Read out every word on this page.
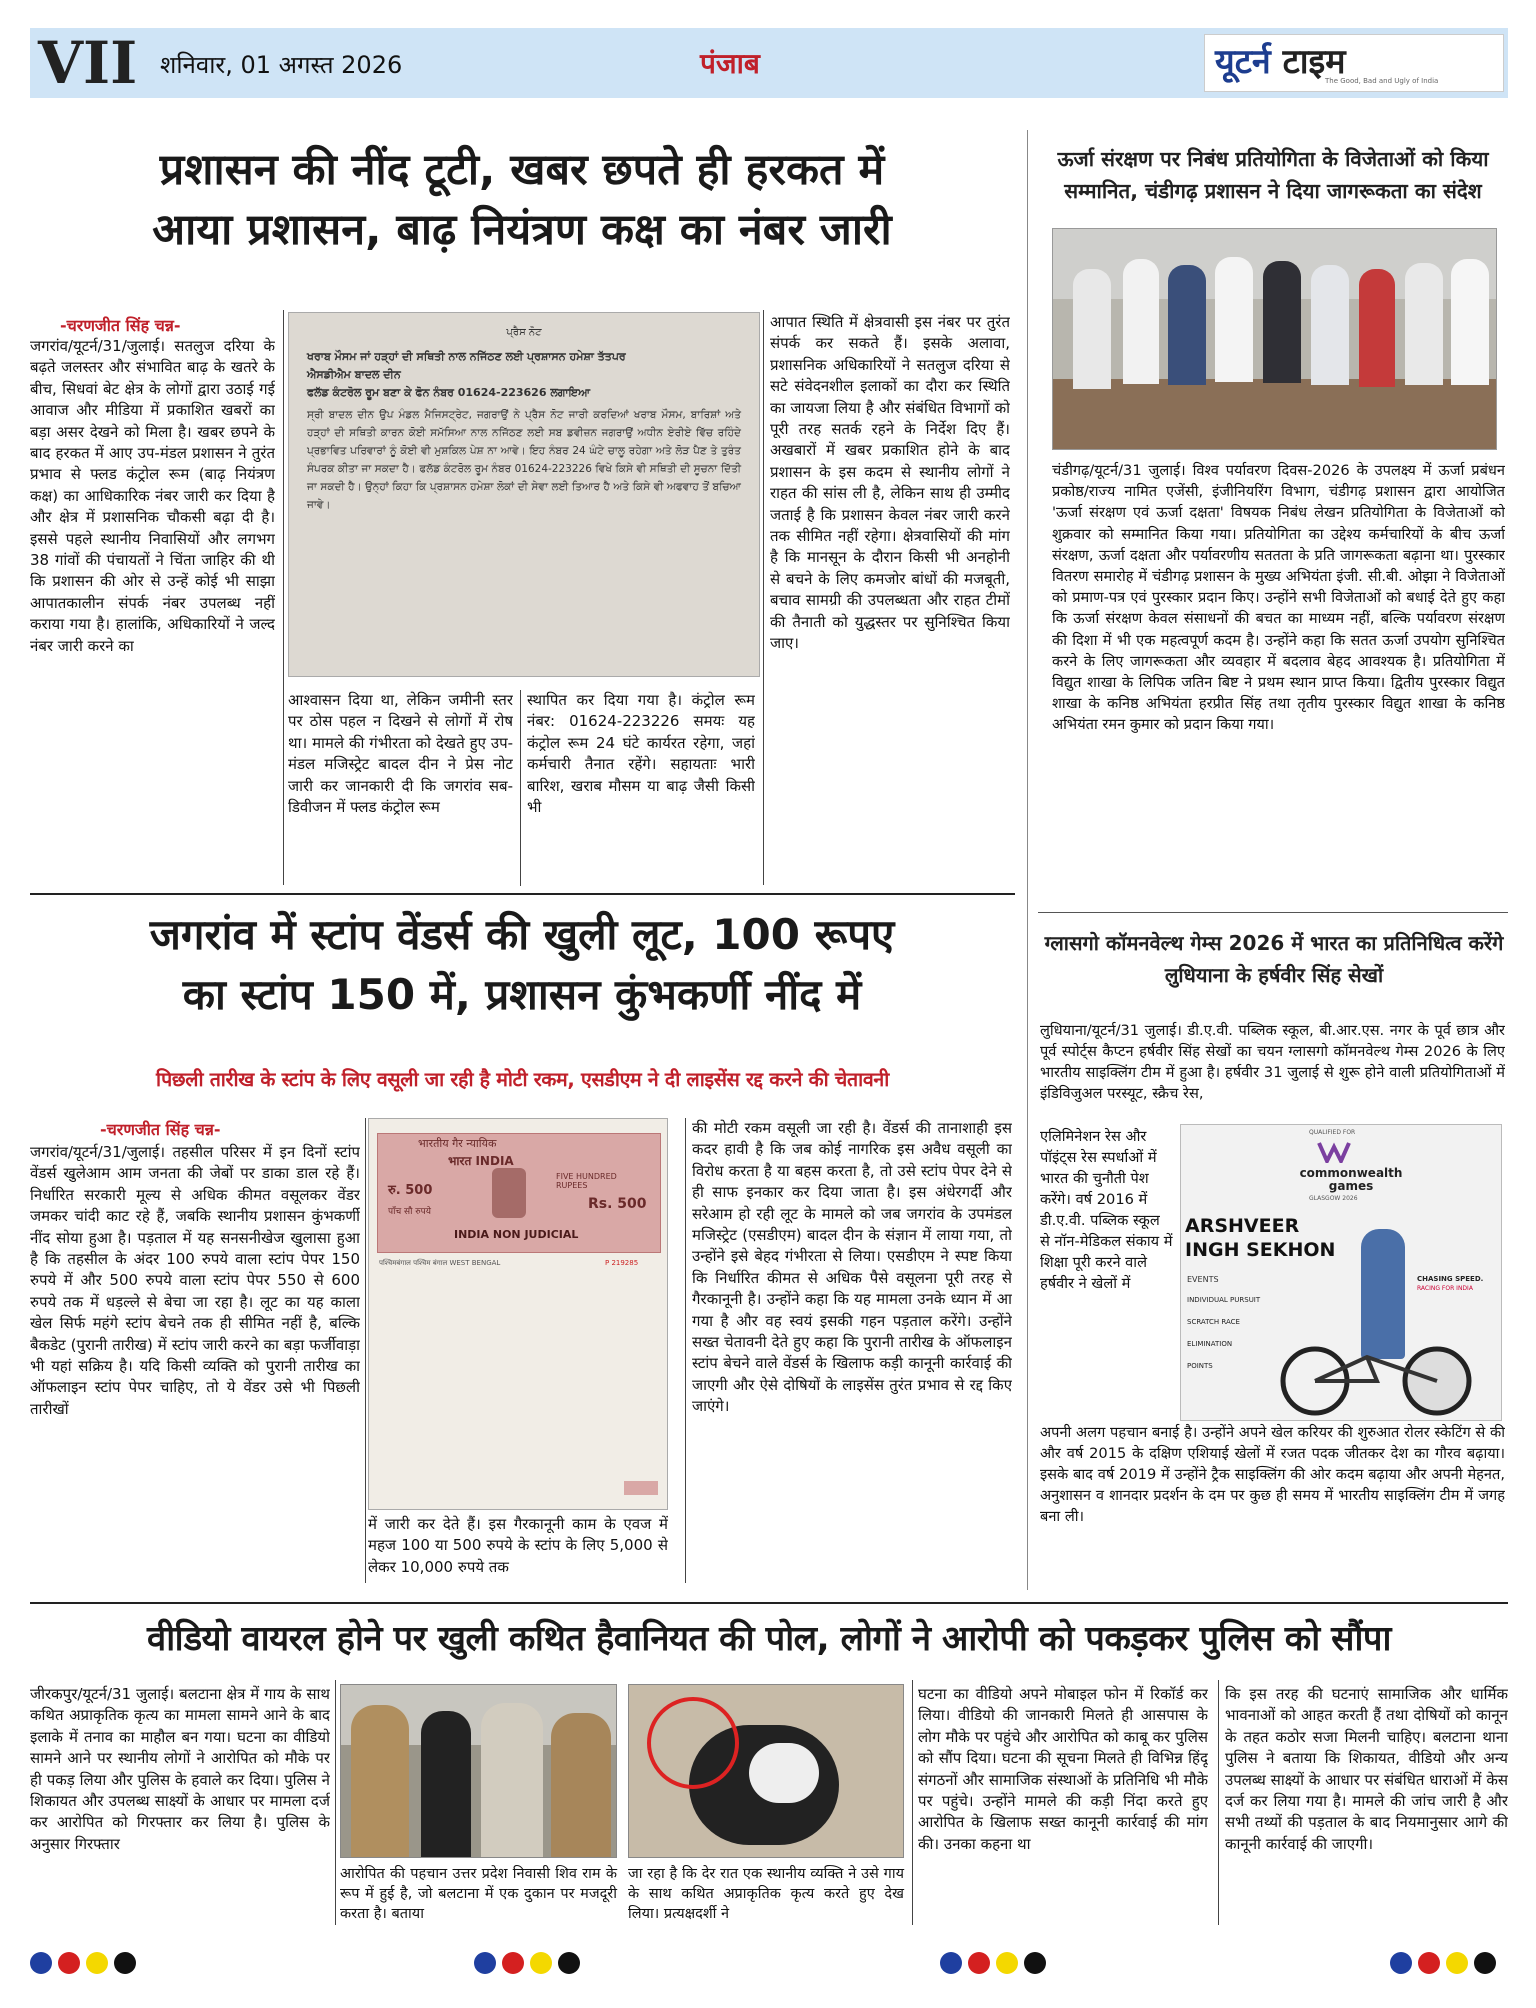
VII शनिवार, 01 अगस्त 2026	पंजाब	यूटर्न टाइम
The Good, Bad and Ugly of India
प्रशासन की नींद टूटी, खबर छपते ही हरकत में
आया प्रशासन, बाढ़ नियंत्रण कक्ष का नंबर जारी
-चरणजीत सिंह चन्न-
जगरांव/यूटर्न/31/जुलाई। सतलुज दरिया के बढ़ते जलस्तर और संभावित बाढ़ के खतरे के बीच, सिधवां बेट क्षेत्र के लोगों द्वारा उठाई गई आवाज और मीडिया में प्रकाशित खबरों का बड़ा असर देखने को मिला है। खबर छपने के बाद हरकत में आए उप-मंडल प्रशासन ने तुरंत प्रभाव से फ्लड कंट्रोल रूम (बाढ़ नियंत्रण कक्ष) का आधिकारिक नंबर जारी कर दिया है और क्षेत्र में प्रशासनिक चौकसी बढ़ा दी है। इससे पहले स्थानीय निवासियों और लगभग 38 गांवों की पंचायतों ने चिंता जाहिर की थी कि प्रशासन की ओर से उन्हें कोई भी साझा आपातकालीन संपर्क नंबर उपलब्ध नहीं कराया गया है। हालांकि, अधिकारियों ने जल्द नंबर जारी करने का
ਪ੍ਰੈਸ ਨੋਟ
ਖਰਾਬ ਮੌਸਮ ਜਾਂ ਹੜ੍ਹਾਂ ਦੀ ਸਥਿਤੀ ਨਾਲ ਨਜਿੱਠਣ ਲਈ ਪ੍ਰਸ਼ਾਸਨ ਹਮੇਸ਼ਾ ਤੱਤਪਰ
ਐਸਡੀਐਮ ਬਾਦਲ ਦੀਨ
ਫਲੱਡ ਕੰਟਰੋਲ ਰੂਮ ਬਣਾ ਕੇ ਫੋਨ ਨੰਬਰ 01624-223626 ਲਗਾਇਆ
ਸ੍ਰੀ ਬਾਦਲ ਦੀਨ ਉਪ ਮੰਡਲ ਮੈਜਿਸਟ੍ਰੇਟ, ਜਗਰਾਉਂ ਨੇ ਪ੍ਰੈਸ ਨੋਟ ਜਾਰੀ ਕਰਦਿਆਂ ਖਰਾਬ ਮੌਸਮ, ਬਾਰਿਸ਼ਾਂ ਅਤੇ ਹੜ੍ਹਾਂ ਦੀ ਸਥਿਤੀ ਕਾਰਨ ਕੋਈ ਸਮੱਸਿਆ ਨਾਲ ਨਜਿੱਠਣ ਲਈ ਸਬ ਡਵੀਜ਼ਨ ਜਗਰਾਉਂ ਅਧੀਨ ਏਰੀਏ ਵਿੱਚ ਰਹਿੰਦੇ ਪ੍ਰਭਾਵਿਤ ਪਰਿਵਾਰਾਂ ਨੂੰ ਕੋਈ ਵੀ ਮੁਸ਼ਕਿਲ ਪੇਸ਼ ਨਾ ਆਵੇ। ਇਹ ਨੰਬਰ 24 ਘੰਟੇ ਚਾਲੂ ਰਹੇਗਾ ਅਤੇ ਲੋੜ ਪੈਣ ਤੇ ਤੁਰੰਤ ਸੰਪਰਕ ਕੀਤਾ ਜਾ ਸਕਦਾ ਹੈ। ਫਲੱਡ ਕੰਟਰੋਲ ਰੂਮ ਨੰਬਰ 01624-223226 ਵਿਖੇ ਕਿਸੇ ਵੀ ਸਥਿਤੀ ਦੀ ਸੂਚਨਾ ਦਿੱਤੀ ਜਾ ਸਕਦੀ ਹੈ। ਉਨ੍ਹਾਂ ਕਿਹਾ ਕਿ ਪ੍ਰਸ਼ਾਸਨ ਹਮੇਸ਼ਾ ਲੋਕਾਂ ਦੀ ਸੇਵਾ ਲਈ ਤਿਆਰ ਹੈ ਅਤੇ ਕਿਸੇ ਵੀ ਅਫਵਾਹ ਤੋਂ ਬਚਿਆ ਜਾਵੇ।
आश्वासन दिया था, लेकिन जमीनी स्तर पर ठोस पहल न दिखने से लोगों में रोष था। मामले की गंभीरता को देखते हुए उप-मंडल मजिस्ट्रेट बादल दीन ने प्रेस नोट जारी कर जानकारी दी कि जगरांव सब-डिवीजन में फ्लड कंट्रोल रूम
स्थापित कर दिया गया है। कंट्रोल रूम नंबर: 01624-223226 समयः यह कंट्रोल रूम 24 घंटे कार्यरत रहेगा, जहां कर्मचारी तैनात रहेंगे। सहायताः भारी बारिश, खराब मौसम या बाढ़ जैसी किसी भी
आपात स्थिति में क्षेत्रवासी इस नंबर पर तुरंत संपर्क कर सकते हैं। इसके अलावा, प्रशासनिक अधिकारियों ने सतलुज दरिया से सटे संवेदनशील इलाकों का दौरा कर स्थिति का जायजा लिया है और संबंधित विभागों को पूरी तरह सतर्क रहने के निर्देश दिए हैं। अखबारों में खबर प्रकाशित होने के बाद प्रशासन के इस कदम से स्थानीय लोगों ने राहत की सांस ली है, लेकिन साथ ही उम्मीद जताई है कि प्रशासन केवल नंबर जारी करने तक सीमित नहीं रहेगा। क्षेत्रवासियों की मांग है कि मानसून के दौरान किसी भी अनहोनी से बचने के लिए कमजोर बांधों की मजबूती, बचाव सामग्री की उपलब्धता और राहत टीमों की तैनाती को युद्धस्तर पर सुनिश्चित किया जाए।
जगरांव में स्टांप वेंडर्स की खुली लूट, 100 रूपए
का स्टांप 150 में, प्रशासन कुंभकर्णी नींद में
पिछली तारीख के स्टांप के लिए वसूली जा रही है मोटी रकम, एसडीएम ने दी लाइसेंस रद्द करने की चेतावनी
-चरणजीत सिंह चन्न-
जगरांव/यूटर्न/31/जुलाई। तहसील परिसर में इन दिनों स्टांप वेंडर्स खुलेआम आम जनता की जेबों पर डाका डाल रहे हैं। निर्धारित सरकारी मूल्य से अधिक कीमत वसूलकर वेंडर जमकर चांदी काट रहे हैं, जबकि स्थानीय प्रशासन कुंभकर्णी नींद सोया हुआ है। पड़ताल में यह सनसनीखेज खुलासा हुआ है कि तहसील के अंदर 100 रुपये वाला स्टांप पेपर 150 रुपये में और 500 रुपये वाला स्टांप पेपर 550 से 600 रुपये तक में धड़ल्ले से बेचा जा रहा है। लूट का यह काला खेल सिर्फ महंगे स्टांप बेचने तक ही सीमित नहीं है, बल्कि बैकडेट (पुरानी तारीख) में स्टांप जारी करने का बड़ा फर्जीवाड़ा भी यहां सक्रिय है। यदि किसी व्यक्ति को पुरानी तारीख का ऑफलाइन स्टांप पेपर चाहिए, तो ये वेंडर उसे भी पिछली तारीखों
भारतीय गैर न्यायिक
भारत INDIA
रु. 500
FIVE HUNDRED RUPEES
पाँच सौ रुपये	Rs. 500
INDIA NON JUDICIAL
पश्चिमबंगाल पश्चिम बंगाल WEST BENGAL	P 219285
में जारी कर देते हैं। इस गैरकानूनी काम के एवज में महज 100 या 500 रुपये के स्टांप के लिए 5,000 से लेकर 10,000 रुपये तक
की मोटी रकम वसूली जा रही है। वेंडर्स की तानाशाही इस कदर हावी है कि जब कोई नागरिक इस अवैध वसूली का विरोध करता है या बहस करता है, तो उसे स्टांप पेपर देने से ही साफ इनकार कर दिया जाता है। इस अंधेरगर्दी और सरेआम हो रही लूट के मामले को जब जगरांव के उपमंडल मजिस्ट्रेट (एसडीएम) बादल दीन के संज्ञान में लाया गया, तो उन्होंने इसे बेहद गंभीरता से लिया। एसडीएम ने स्पष्ट किया कि निर्धारित कीमत से अधिक पैसे वसूलना पूरी तरह से गैरकानूनी है। उन्होंने कहा कि यह मामला उनके ध्यान में आ गया है और वह स्वयं इसकी गहन पड़ताल करेंगे। उन्होंने सख्त चेतावनी देते हुए कहा कि पुरानी तारीख के ऑफलाइन स्टांप बेचने वाले वेंडर्स के खिलाफ कड़ी कानूनी कार्रवाई की जाएगी और ऐसे दोषियों के लाइसेंस तुरंत प्रभाव से रद्द किए जाएंगे।
ऊर्जा संरक्षण पर निबंध प्रतियोगिता के विजेताओं को किया सम्मानित, चंडीगढ़ प्रशासन ने दिया जागरूकता का संदेश
चंडीगढ़/यूटर्न/31 जुलाई। विश्व पर्यावरण दिवस-2026 के उपलक्ष्य में ऊर्जा प्रबंधन प्रकोष्ठ/राज्य नामित एजेंसी, इंजीनियरिंग विभाग, चंडीगढ़ प्रशासन द्वारा आयोजित 'ऊर्जा संरक्षण एवं ऊर्जा दक्षता' विषयक निबंध लेखन प्रतियोगिता के विजेताओं को शुक्रवार को सम्मानित किया गया। प्रतियोगिता का उद्देश्य कर्मचारियों के बीच ऊर्जा संरक्षण, ऊर्जा दक्षता और पर्यावरणीय सततता के प्रति जागरूकता बढ़ाना था। पुरस्कार वितरण समारोह में चंडीगढ़ प्रशासन के मुख्य अभियंता इंजी. सी.बी. ओझा ने विजेताओं को प्रमाण-पत्र एवं पुरस्कार प्रदान किए। उन्होंने सभी विजेताओं को बधाई देते हुए कहा कि ऊर्जा संरक्षण केवल संसाधनों की बचत का माध्यम नहीं, बल्कि पर्यावरण संरक्षण की दिशा में भी एक महत्वपूर्ण कदम है। उन्होंने कहा कि सतत ऊर्जा उपयोग सुनिश्चित करने के लिए जागरूकता और व्यवहार में बदलाव बेहद आवश्यक है। प्रतियोगिता में विद्युत शाखा के लिपिक जतिन बिष्ट ने प्रथम स्थान प्राप्त किया। द्वितीय पुरस्कार विद्युत शाखा के कनिष्ठ अभियंता हरप्रीत सिंह तथा तृतीय पुरस्कार विद्युत शाखा के कनिष्ठ अभियंता रमन कुमार को प्रदान किया गया।
ग्लासगो कॉमनवेल्थ गेम्स 2026 में भारत का प्रतिनिधित्व करेंगे लुधियाना के हर्षवीर सिंह सेखों
लुधियाना/यूटर्न/31 जुलाई। डी.ए.वी. पब्लिक स्कूल, बी.आर.एस. नगर के पूर्व छात्र और पूर्व स्पोर्ट्स कैप्टन हर्षवीर सिंह सेखों का चयन ग्लासगो कॉमनवेल्थ गेम्स 2026 के लिए भारतीय साइक्लिंग टीम में हुआ है। हर्षवीर 31 जुलाई से शुरू होने वाली प्रतियोगिताओं में इंडिविजुअल परस्यूट, स्क्रैच रेस,
एलिमिनेशन रेस और पॉइंट्स रेस स्पर्धाओं में भारत की चुनौती पेश करेंगे। वर्ष 2016 में डी.ए.वी. पब्लिक स्कूल से नॉन-मेडिकल संकाय में शिक्षा पूरी करने वाले हर्षवीर ने खेलों में
QUALIFIED FOR
commonwealth games
GLASGOW 2026
ARSHVEER
INGH SEKHON
EVENTS
INDIVIDUAL PURSUIT
SCRATCH RACE
ELIMINATION
POINTS
CHASING SPEED.
RACING FOR INDIA
अपनी अलग पहचान बनाई है। उन्होंने अपने खेल करियर की शुरुआत रोलर स्केटिंग से की और वर्ष 2015 के दक्षिण एशियाई खेलों में रजत पदक जीतकर देश का गौरव बढ़ाया। इसके बाद वर्ष 2019 में उन्होंने ट्रैक साइक्लिंग की ओर कदम बढ़ाया और अपनी मेहनत, अनुशासन व शानदार प्रदर्शन के दम पर कुछ ही समय में भारतीय साइक्लिंग टीम में जगह बना ली।
वीडियो वायरल होने पर खुली कथित हैवानियत की पोल, लोगों ने आरोपी को पकड़कर पुलिस को सौंपा
जीरकपुर/यूटर्न/31 जुलाई। बलटाना क्षेत्र में गाय के साथ कथित अप्राकृतिक कृत्य का मामला सामने आने के बाद इलाके में तनाव का माहौल बन गया। घटना का वीडियो सामने आने पर स्थानीय लोगों ने आरोपित को मौके पर ही पकड़ लिया और पुलिस के हवाले कर दिया। पुलिस ने शिकायत और उपलब्ध साक्ष्यों के आधार पर मामला दर्ज कर आरोपित को गिरफ्तार कर लिया है। पुलिस के अनुसार गिरफ्तार
आरोपित की पहचान उत्तर प्रदेश निवासी शिव राम के रूप में हुई है, जो बलटाना में एक दुकान पर मजदूरी करता है। बताया
जा रहा है कि देर रात एक स्थानीय व्यक्ति ने उसे गाय के साथ कथित अप्राकृतिक कृत्य करते हुए देख लिया। प्रत्यक्षदर्शी ने
घटना का वीडियो अपने मोबाइल फोन में रिकॉर्ड कर लिया। वीडियो की जानकारी मिलते ही आसपास के लोग मौके पर पहुंचे और आरोपित को काबू कर पुलिस को सौंप दिया। घटना की सूचना मिलते ही विभिन्न हिंदू संगठनों और सामाजिक संस्थाओं के प्रतिनिधि भी मौके पर पहुंचे। उन्होंने मामले की कड़ी निंदा करते हुए आरोपित के खिलाफ सख्त कानूनी कार्रवाई की मांग की। उनका कहना था
कि इस तरह की घटनाएं सामाजिक और धार्मिक भावनाओं को आहत करती हैं तथा दोषियों को कानून के तहत कठोर सजा मिलनी चाहिए। बलटाना थाना पुलिस ने बताया कि शिकायत, वीडियो और अन्य उपलब्ध साक्ष्यों के आधार पर संबंधित धाराओं में केस दर्ज कर लिया गया है। मामले की जांच जारी है और सभी तथ्यों की पड़ताल के बाद नियमानुसार आगे की कानूनी कार्रवाई की जाएगी।
